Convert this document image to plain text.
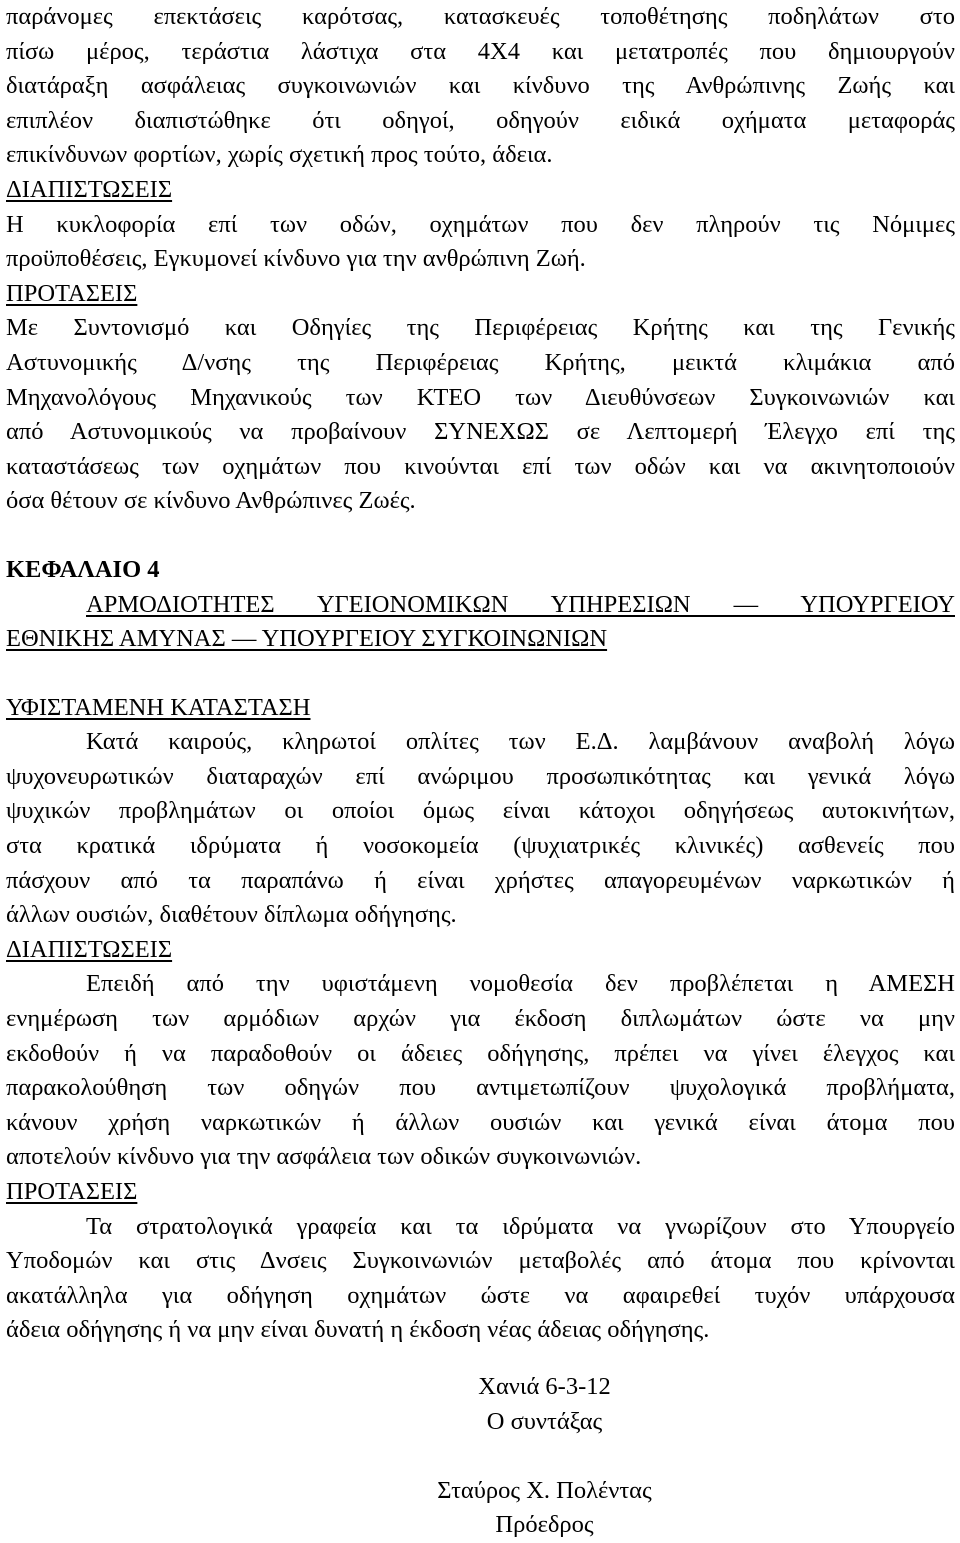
παράνομες επεκτάσεις καρότσας, κατασκευές τοποθέτησης ποδηλάτων στο
πίσω μέρος, τεράστια λάστιχα στα 4Χ4 και μετατροπές που δημιουργούν
διατάραξη ασφάλειας συγκοινωνιών και κίνδυνο της Ανθρώπινης Ζωής και
επιπλέον διαπιστώθηκε ότι οδηγοί, οδηγούν ειδικά οχήματα μεταφοράς
επικίνδυνων φορτίων, χωρίς σχετική προς τούτο, άδεια.
ΔΙΑΠΙΣΤΩΣΕΙΣ
Η κυκλοφορία επί των οδών, οχημάτων που δεν πληρούν τις Νόμιμες
προϋποθέσεις, Εγκυμονεί κίνδυνο για την ανθρώπινη Ζωή.
ΠΡΟΤΑΣΕΙΣ
Με Συντονισμό και Οδηγίες της Περιφέρειας Κρήτης και της Γενικής
Αστυνομικής Δ/νσης της Περιφέρειας Κρήτης, μεικτά κλιμάκια από
Μηχανολόγους Μηχανικούς των ΚΤΕΟ των Διευθύνσεων Συγκοινωνιών και
από Αστυνομικούς να προβαίνουν ΣΥΝΕΧΩΣ σε Λεπτομερή Έλεγχο επί της
καταστάσεως των οχημάτων που κινούνται επί των οδών και να ακινητοποιούν
όσα θέτουν σε κίνδυνο Ανθρώπινες Ζωές.
ΚΕΦΑΛΑΙΟ 4
ΑΡΜΟΔΙΟΤΗΤΕΣ ΥΓΕΙΟΝΟΜΙΚΩΝ ΥΠΗΡΕΣΙΩΝ — ΥΠΟΥΡΓΕΙΟΥ
ΕΘΝΙΚΗΣ ΑΜΥΝΑΣ — ΥΠΟΥΡΓΕΙΟΥ ΣΥΓΚΟΙΝΩΝΙΩΝ
ΥΦΙΣΤΑΜΕΝΗ ΚΑΤΑΣΤΑΣΗ
Κατά καιρούς, κληρωτοί οπλίτες των Ε.Δ. λαμβάνουν αναβολή λόγω
ψυχονευρωτικών διαταραχών επί ανώριμου προσωπικότητας και γενικά λόγω
ψυχικών προβλημάτων οι οποίοι όμως είναι κάτοχοι οδηγήσεως αυτοκινήτων,
στα κρατικά ιδρύματα ή νοσοκομεία (ψυχιατρικές κλινικές) ασθενείς που
πάσχουν από τα παραπάνω ή είναι χρήστες απαγορευμένων ναρκωτικών ή
άλλων ουσιών, διαθέτουν δίπλωμα οδήγησης.
ΔΙΑΠΙΣΤΩΣΕΙΣ
Επειδή από την υφιστάμενη νομοθεσία δεν προβλέπεται η ΑΜΕΣΗ
ενημέρωση των αρμόδιων αρχών για έκδοση διπλωμάτων ώστε να μην
εκδοθούν ή να παραδοθούν οι άδειες οδήγησης, πρέπει να γίνει έλεγχος και
παρακολούθηση των οδηγών που αντιμετωπίζουν ψυχολογικά προβλήματα,
κάνουν χρήση ναρκωτικών ή άλλων ουσιών και γενικά είναι άτομα που
αποτελούν κίνδυνο για την ασφάλεια των οδικών συγκοινωνιών.
ΠΡΟΤΑΣΕΙΣ
Τα στρατολογικά γραφεία και τα ιδρύματα να γνωρίζουν στο Υπουργείο
Υποδομών και στις Δνσεις Συγκοινωνιών μεταβολές από άτομα που κρίνονται
ακατάλληλα για οδήγηση οχημάτων ώστε να αφαιρεθεί τυχόν υπάρχουσα
άδεια οδήγησης ή να μην είναι δυνατή η έκδοση νέας άδειας οδήγησης.
Χανιά 6-3-12
Ο συντάξας
Σταύρος Χ. Πολέντας
Πρόεδρος
